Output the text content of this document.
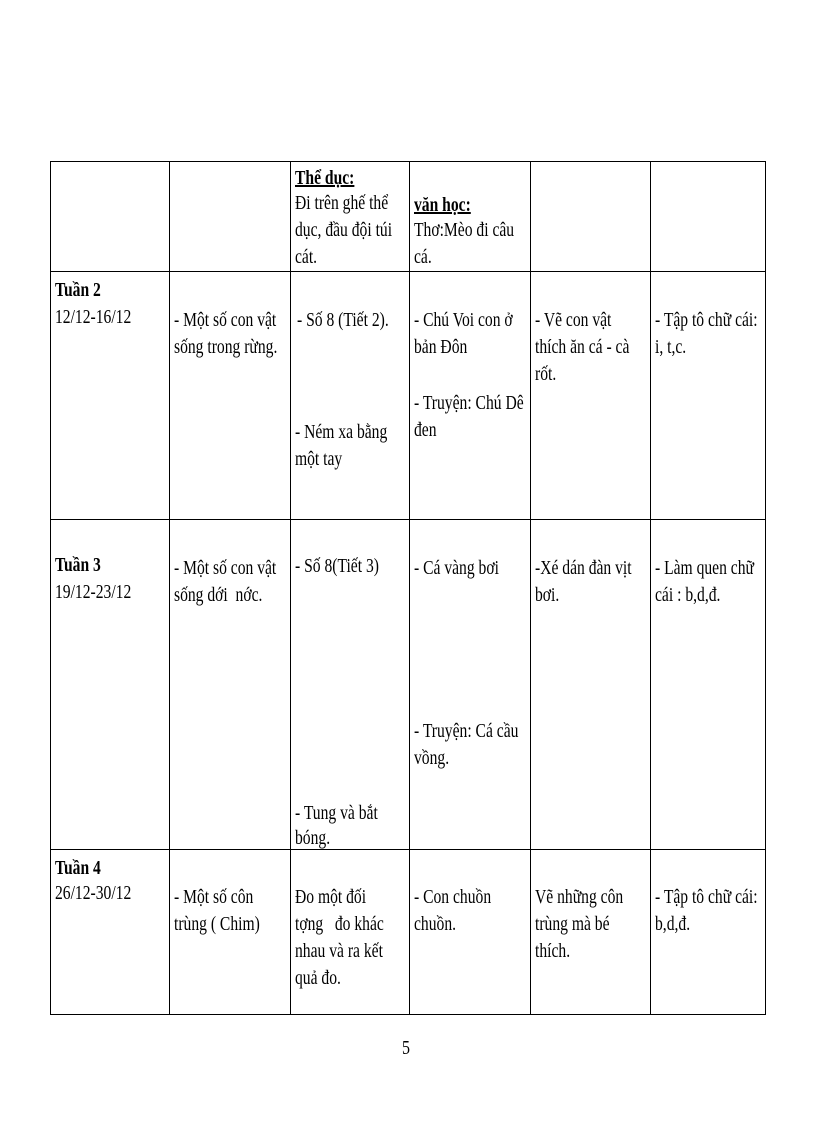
Thể dục:
Đi trên ghế thể
dục, đầu đội túi
cát.
văn học:
Thơ:Mèo đi câu
cá.
Tuần 2
12/12-16/12 - Một số con vật
sống trong rừng.
- Số 8 (Tiết 2).
- Ném xa bằng
một tay
- Chú Voi con ở
bản Đôn
- Truyện: Chú Dê
đen
- Vẽ con vật
thích ăn cá - cà
rốt.
- Tập tô chữ cái:
i, t,c.
Tuần 3
19/12-23/12
- Một số con vật
sống dới  nớc.
- Số 8(Tiết 3)
- Tung và bắt
bóng.
- Cá vàng bơi
- Truyện: Cá cầu
vồng.
-Xé dán đàn vịt
bơi.
- Làm quen chữ
cái : b,d,đ.
Tuần 4
26/12-30/12 - Một số côn
trùng ( Chim)
Đo một đối
tợng   đo khác
nhau và ra kết
quả đo.
- Con chuồn
chuồn.
Vẽ những côn
trùng mà bé
thích.
- Tập tô chữ cái:
b,d,đ.
5
